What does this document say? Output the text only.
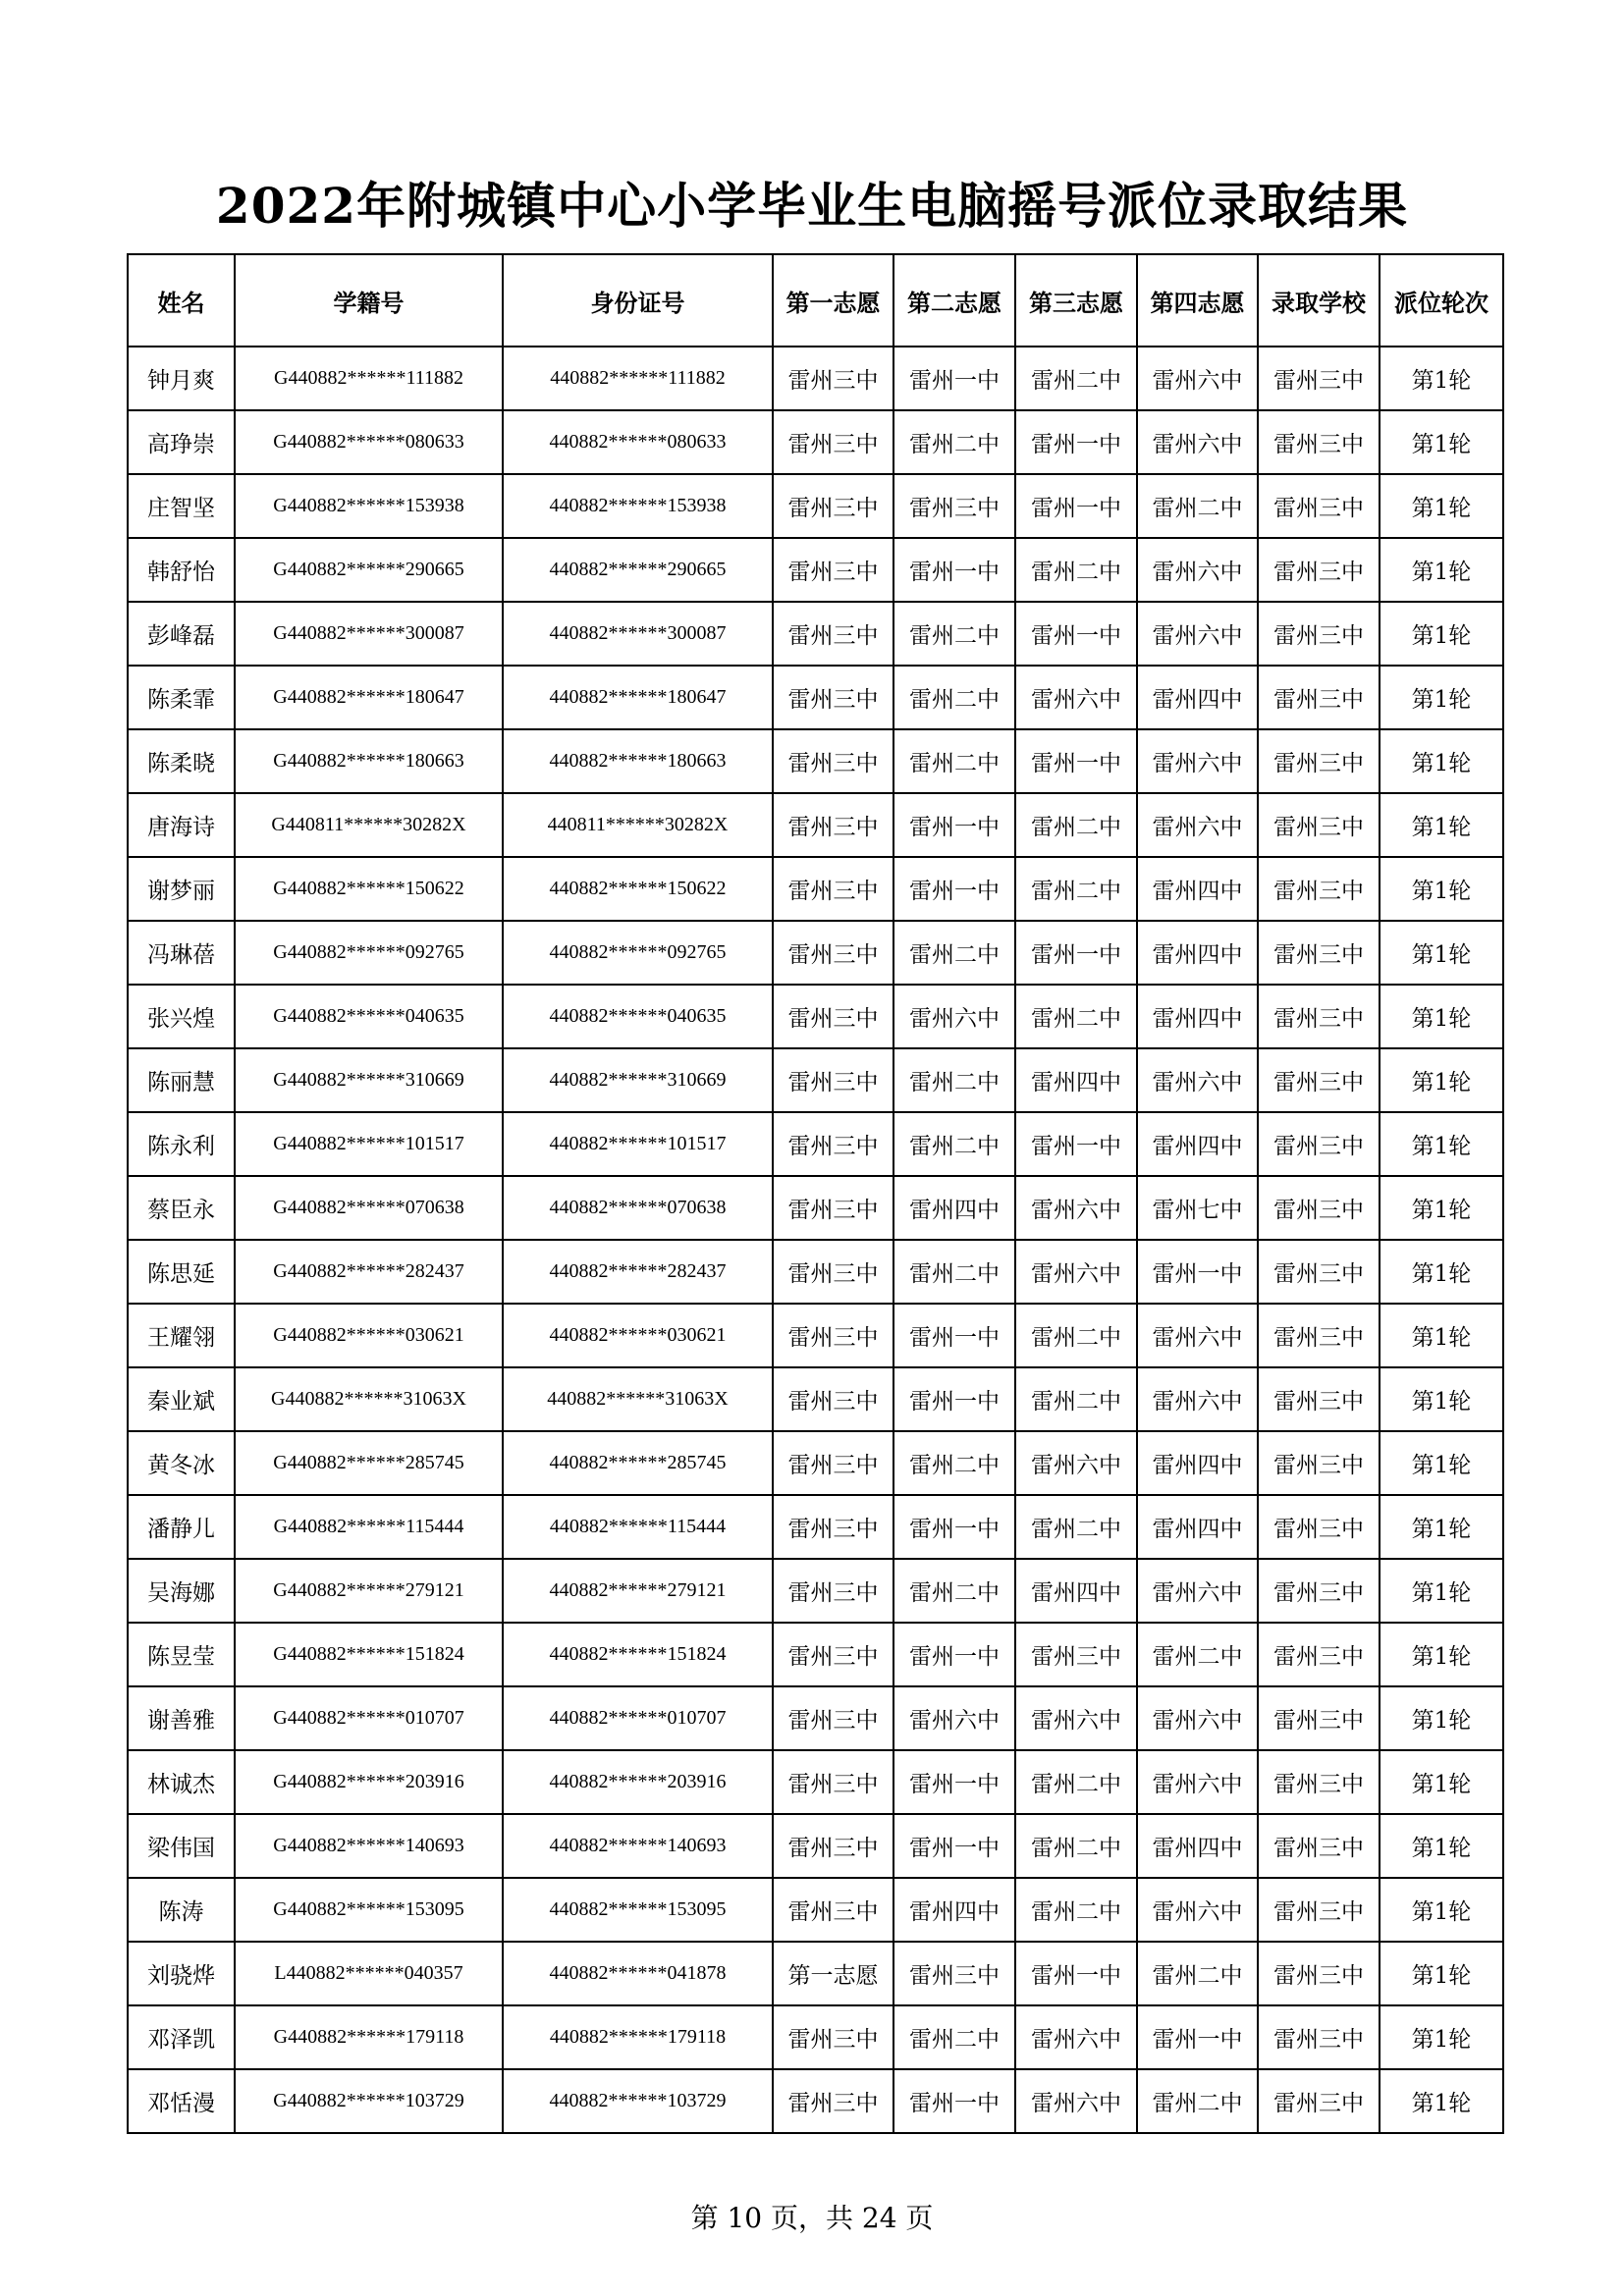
2022年附城镇中心小学毕业生电脑摇号派位录取结果
姓名	学籍号	身份证号	第一志愿	第二志愿	第三志愿	第四志愿	录取学校	派位轮次
钟月爽	G440882******111882	440882******111882	雷州三中	雷州一中	雷州二中	雷州六中	雷州三中	第1轮
高琤崇	G440882******080633	440882******080633	雷州三中	雷州二中	雷州一中	雷州六中	雷州三中	第1轮
庄智坚	G440882******153938	440882******153938	雷州三中	雷州三中	雷州一中	雷州二中	雷州三中	第1轮
韩舒怡	G440882******290665	440882******290665	雷州三中	雷州一中	雷州二中	雷州六中	雷州三中	第1轮
彭峰磊	G440882******300087	440882******300087	雷州三中	雷州二中	雷州一中	雷州六中	雷州三中	第1轮
陈柔霏	G440882******180647	440882******180647	雷州三中	雷州二中	雷州六中	雷州四中	雷州三中	第1轮
陈柔晓	G440882******180663	440882******180663	雷州三中	雷州二中	雷州一中	雷州六中	雷州三中	第1轮
唐海诗	G440811******30282X	440811******30282X	雷州三中	雷州一中	雷州二中	雷州六中	雷州三中	第1轮
谢梦丽	G440882******150622	440882******150622	雷州三中	雷州一中	雷州二中	雷州四中	雷州三中	第1轮
冯琳蓓	G440882******092765	440882******092765	雷州三中	雷州二中	雷州一中	雷州四中	雷州三中	第1轮
张兴煌	G440882******040635	440882******040635	雷州三中	雷州六中	雷州二中	雷州四中	雷州三中	第1轮
陈丽慧	G440882******310669	440882******310669	雷州三中	雷州二中	雷州四中	雷州六中	雷州三中	第1轮
陈永利	G440882******101517	440882******101517	雷州三中	雷州二中	雷州一中	雷州四中	雷州三中	第1轮
蔡臣永	G440882******070638	440882******070638	雷州三中	雷州四中	雷州六中	雷州七中	雷州三中	第1轮
陈思延	G440882******282437	440882******282437	雷州三中	雷州二中	雷州六中	雷州一中	雷州三中	第1轮
王耀翎	G440882******030621	440882******030621	雷州三中	雷州一中	雷州二中	雷州六中	雷州三中	第1轮
秦业斌	G440882******31063X	440882******31063X	雷州三中	雷州一中	雷州二中	雷州六中	雷州三中	第1轮
黄冬冰	G440882******285745	440882******285745	雷州三中	雷州二中	雷州六中	雷州四中	雷州三中	第1轮
潘静儿	G440882******115444	440882******115444	雷州三中	雷州一中	雷州二中	雷州四中	雷州三中	第1轮
吴海娜	G440882******279121	440882******279121	雷州三中	雷州二中	雷州四中	雷州六中	雷州三中	第1轮
陈昱莹	G440882******151824	440882******151824	雷州三中	雷州一中	雷州三中	雷州二中	雷州三中	第1轮
谢善雅	G440882******010707	440882******010707	雷州三中	雷州六中	雷州六中	雷州六中	雷州三中	第1轮
林诚杰	G440882******203916	440882******203916	雷州三中	雷州一中	雷州二中	雷州六中	雷州三中	第1轮
梁伟国	G440882******140693	440882******140693	雷州三中	雷州一中	雷州二中	雷州四中	雷州三中	第1轮
陈涛	G440882******153095	440882******153095	雷州三中	雷州四中	雷州二中	雷州六中	雷州三中	第1轮
刘骁烨	L440882******040357	440882******041878	第一志愿	雷州三中	雷州一中	雷州二中	雷州三中	第1轮
邓泽凯	G440882******179118	440882******179118	雷州三中	雷州二中	雷州六中	雷州一中	雷州三中	第1轮
邓恬漫	G440882******103729	440882******103729	雷州三中	雷州一中	雷州六中	雷州二中	雷州三中	第1轮
第 10 页，共 24 页
